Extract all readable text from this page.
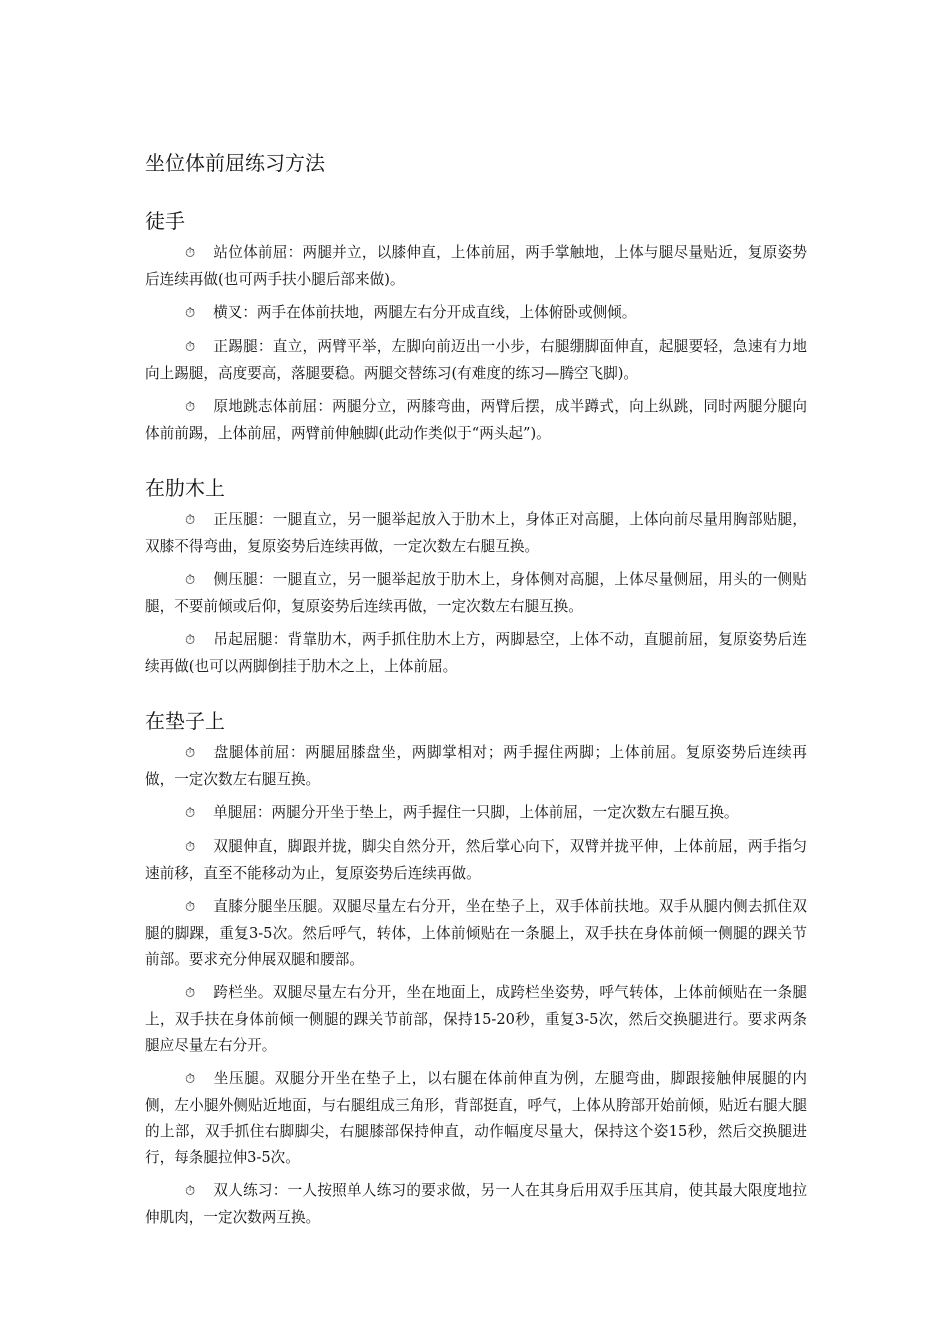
坐位体前屈练习方法
徒手

⏱ 站位体前屈：两腿并立，以膝伸直，上体前屈，两手掌触地，上体与腿尽量贴近，复原姿势后连续再做(也可两手扶小腿后部来做)。

⏱ 横叉：两手在体前扶地，两腿左右分开成直线，上体俯卧或侧倾。

⏱ 正踢腿：直立，两臂平举，左脚向前迈出一小步，右腿绷脚面伸直，起腿要轻，急速有力地向上踢腿，高度要高，落腿要稳。两腿交替练习(有难度的练习—腾空飞脚)。

⏱ 原地跳志体前屈：两腿分立，两膝弯曲，两臂后摆，成半蹲式，向上纵跳，同时两腿分腿向体前前踢，上体前屈，两臂前伸触脚(此动作类似于“两头起”)。

在肋木上

⏱ 正压腿：一腿直立，另一腿举起放入于肋木上，身体正对高腿，上体向前尽量用胸部贴腿，双膝不得弯曲，复原姿势后连续再做，一定次数左右腿互换。

⏱ 侧压腿：一腿直立，另一腿举起放于肋木上，身体侧对高腿，上体尽量侧屈，用头的一侧贴腿，不要前倾或后仰，复原姿势后连续再做，一定次数左右腿互换。

⏱ 吊起屈腿：背靠肋木，两手抓住肋木上方，两脚悬空，上体不动，直腿前屈，复原姿势后连续再做(也可以两脚倒挂于肋木之上，上体前屈。

在垫子上

⏱ 盘腿体前屈：两腿屈膝盘坐，两脚掌相对；两手握住两脚；上体前屈。复原姿势后连续再做，一定次数左右腿互换。

⏱ 单腿屈：两腿分开坐于垫上，两手握住一只脚，上体前屈，一定次数左右腿互换。

⏱ 双腿伸直，脚跟并拢，脚尖自然分开，然后掌心向下，双臂并拢平伸，上体前屈，两手指匀速前移，直至不能移动为止，复原姿势后连续再做。

⏱ 直膝分腿坐压腿。双腿尽量左右分开，坐在垫子上，双手体前扶地。双手从腿内侧去抓住双腿的脚踝，重复3-5次。然后呼气，转体，上体前倾贴在一条腿上，双手扶在身体前倾一侧腿的踝关节前部。要求充分伸展双腿和腰部。

⏱ 跨栏坐。双腿尽量左右分开，坐在地面上，成跨栏坐姿势，呼气转体，上体前倾贴在一条腿上，双手扶在身体前倾一侧腿的踝关节前部，保持15-20秒，重复3-5次，然后交换腿进行。要求两条腿应尽量左右分开。

⏱ 坐压腿。双腿分开坐在垫子上，以右腿在体前伸直为例，左腿弯曲，脚跟接触伸展腿的内侧，左小腿外侧贴近地面，与右腿组成三角形，背部挺直，呼气，上体从胯部开始前倾，贴近右腿大腿的上部，双手抓住右脚脚尖，右腿膝部保持伸直，动作幅度尽量大，保持这个姿15秒，然后交换腿进行，每条腿拉伸3-5次。

⏱ 双人练习：一人按照单人练习的要求做，另一人在其身后用双手压其肩，使其最大限度地拉伸肌肉，一定次数两互换。
